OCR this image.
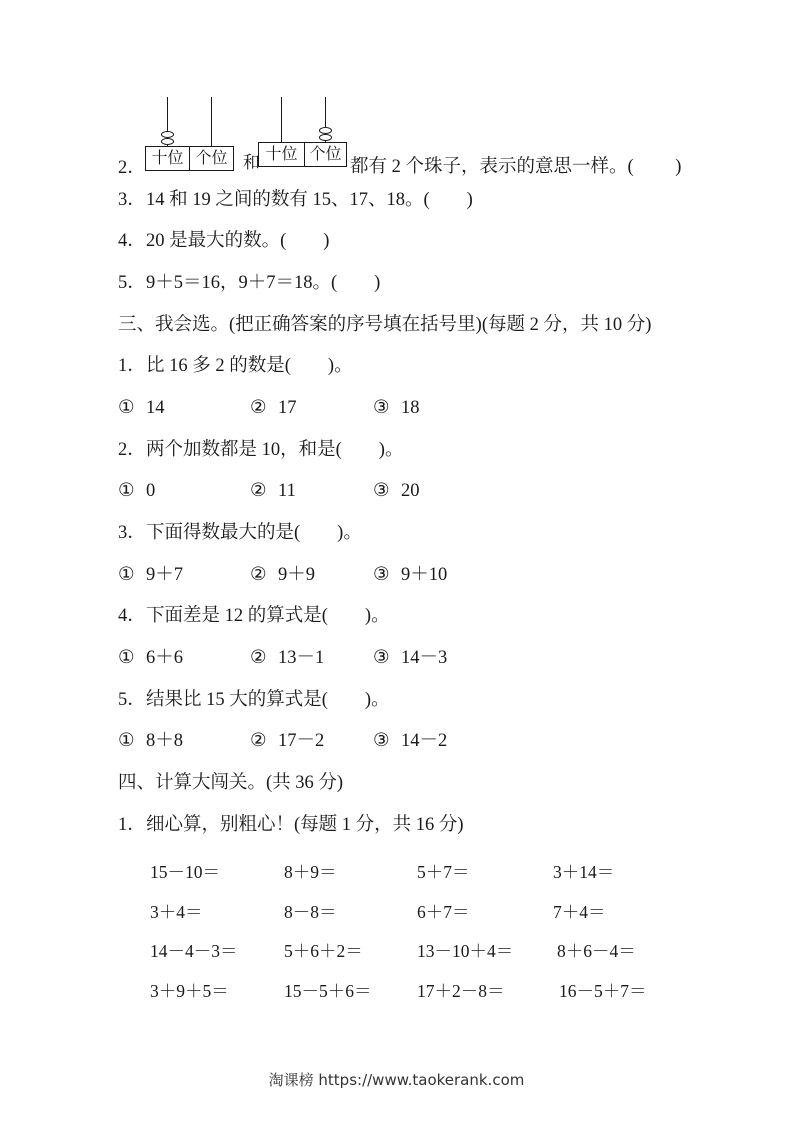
2． 十位 个位 和 十位 个位
都有 2 个珠子，表示的意思一样。(         )
3． 14 和 19 之间的数有 15、17、18。(        )
4． 20 是最大的数。(        )
5． 9＋5＝16，9＋7＝18。(        )
三、我会选。(把正确答案的序号填在括号里)(每题 2 分，共 10 分)
1． 比 16 多 2 的数是(        )。
① 14	② 17	③ 18
2． 两个加数都是 10，和是(        )。
① 0	② 11	③ 20
3． 下面得数最大的是(        )。
① 9＋7	② 9＋9	③ 9＋10
4． 下面差是 12 的算式是(        )。
① 6＋6	② 13－1	③ 14－3
5． 结果比 15 大的算式是(        )。
① 8＋8	② 17－2	③ 14－2
四、计算大闯关。(共 36 分)
1． 细心算，别粗心！(每题 1 分，共 16 分)
15－10＝	8＋9＝	5＋7＝	3＋14＝
3＋4＝	8－8＝	6＋7＝	7＋4＝
14－4－3＝	5＋6＋2＝	13－10＋4＝	8＋6－4＝
3＋9＋5＝	15－5＋6＝	17＋2－8＝	16－5＋7＝
淘课榜 https://www.taokerank.com
